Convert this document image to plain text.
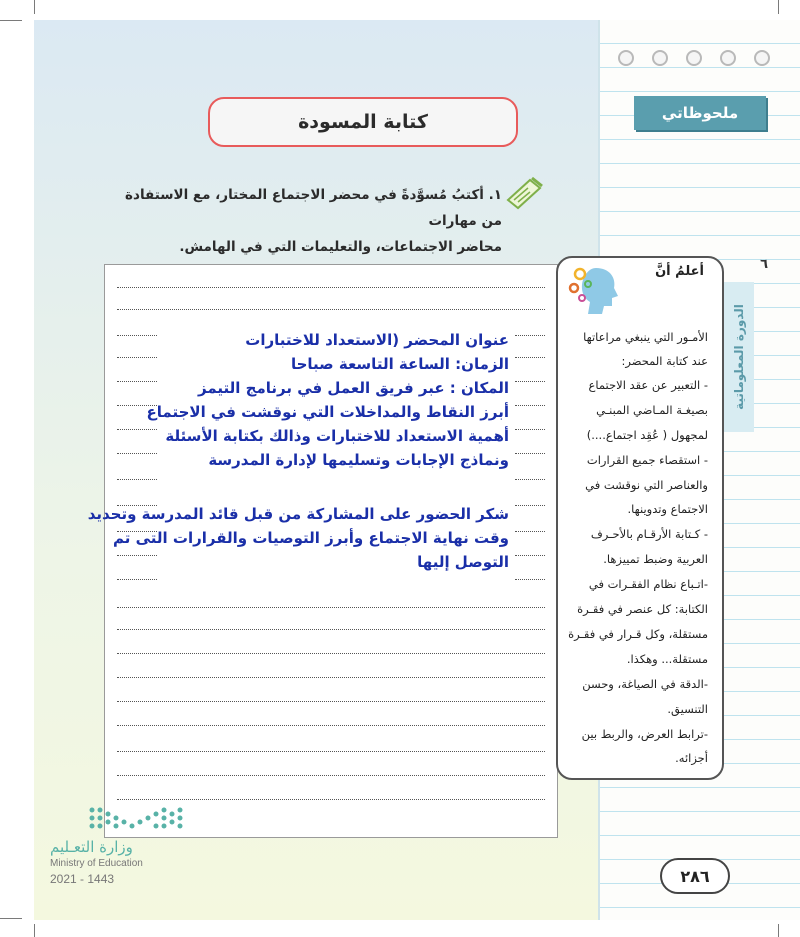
ملحوظاتي
كتابة المسودة
١. أكتبُ مُسوَّدةً في محضر الاجتماع المختار، مع الاستفادة من مهارات
محاضر الاجتماعات، والتعليمات التي في الهامش.
عنوان المحضر (الاستعداد للاختبارات
الزمان: الساعة التاسعة صباحا
المكان : عبر فريق العمل في برنامج التيمز
أبرز النقاط والمداخلات التي نوقشت في الاجتماع
أهمية الاستعداد للاختبارات وذالك بكتابة الأسئلة
ونماذج الإجابات وتسليمها لإدارة المدرسة
شكر الحضور على المشاركة من قبل قائد المدرسة وتحديد
وقت نهاية الاجتماع وأبرز التوصيات والقرارات التى تم
التوصل إليها
أعلمُ أنَّ
الأمـور التي ينبغي مراعاتها
عند كتابة المحضر:
- التعبير عن عقد الاجتماع
بصيغـة المـاضي المبنـي
لمجهول ( عُقِد اجتماع....)
- استقصاء جميع القرارات
والعناصر التي نوقشت في
الاجتماع وتدوينها.
- كـتابة الأرقـام بالأحـرف
العربية وضبط تمييزها.
-اتـباع نظام الفقـرات في
الكتابة: كل عنصر في فقـرة
مستقلة، وكل قـرار في فقـرة
مستقلة... وهكذا.
-الدقة في الصياغة، وحسن
التنسيق.
-ترابط العرض، والربط بين
أجزائه.
٦
الدورة المعلوماتية
٢٨٦
وزارة التعـليم
Ministry of Education
2021 - 1443
